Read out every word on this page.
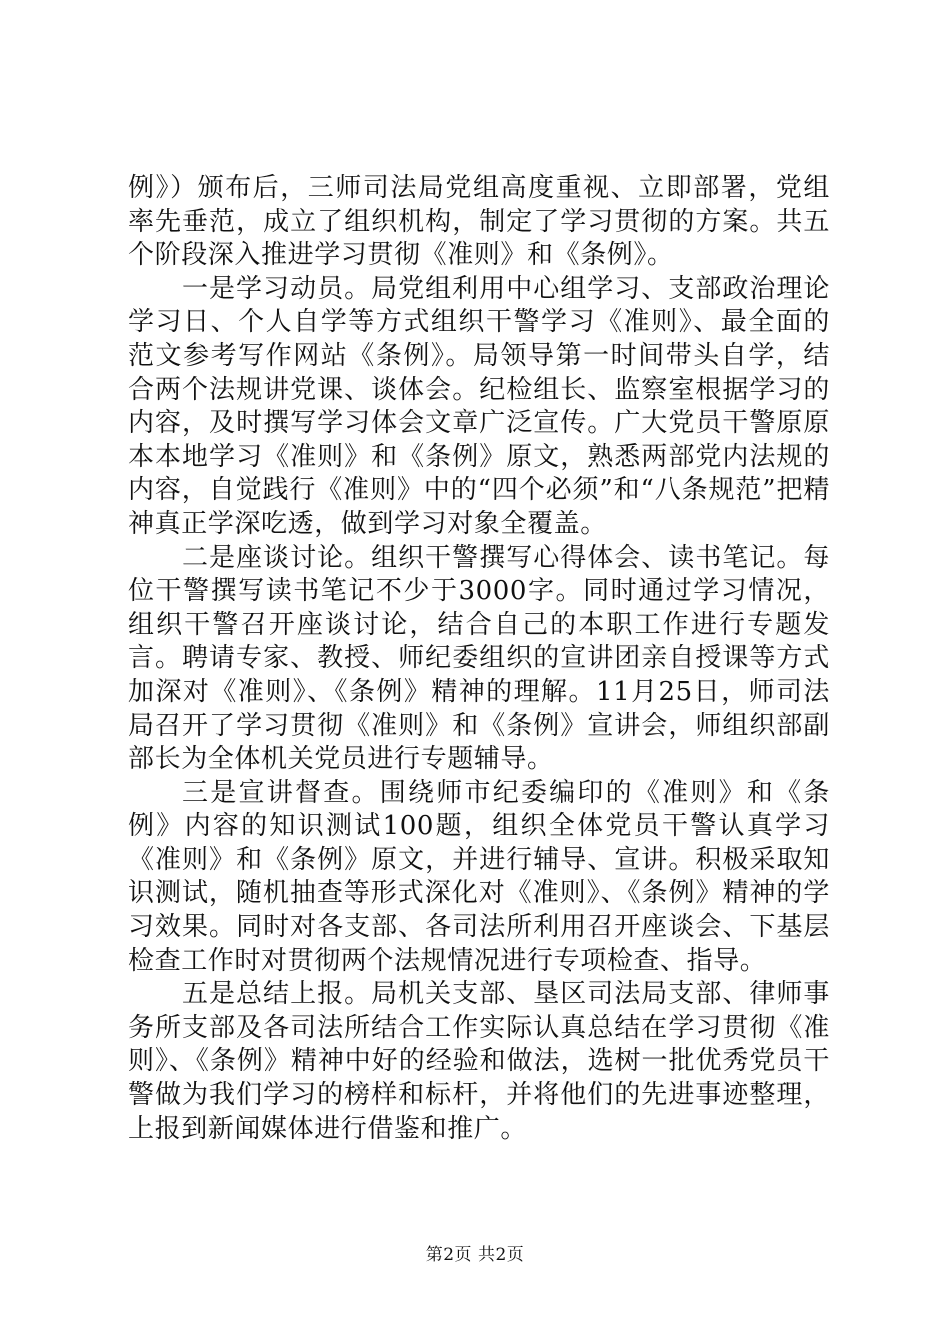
例》）颁布后，三师司法局党组高度重视、立即部署，党组率先垂范，成立了组织机构，制定了学习贯彻的方案。共五个阶段深入推进学习贯彻《准则》和《条例》。

一是学习动员。局党组利用中心组学习、支部政治理论学习日、个人自学等方式组织干警学习《准则》、最全面的范文参考写作网站《条例》。局领导第一时间带头自学，结合两个法规讲党课、谈体会。纪检组长、监察室根据学习的内容，及时撰写学习体会文章广泛宣传。广大党员干警原原本本地学习《准则》和《条例》原文，熟悉两部党内法规的内容，自觉践行《准则》中的“四个必须”和“八条规范”把精神真正学深吃透，做到学习对象全覆盖。

二是座谈讨论。组织干警撰写心得体会、读书笔记。每位干警撰写读书笔记不少于3000字。同时通过学习情况，组织干警召开座谈讨论，结合自己的本职工作进行专题发言。聘请专家、教授、师纪委组织的宣讲团亲自授课等方式加深对《准则》、《条例》精神的理解。11月25日，师司法局召开了学习贯彻《准则》和《条例》宣讲会，师组织部副部长为全体机关党员进行专题辅导。

三是宣讲督查。围绕师市纪委编印的《准则》和《条例》内容的知识测试100题，组织全体党员干警认真学习《准则》和《条例》原文，并进行辅导、宣讲。积极采取知识测试，随机抽查等形式深化对《准则》、《条例》精神的学习效果。同时对各支部、各司法所利用召开座谈会、下基层检查工作时对贯彻两个法规情况进行专项检查、指导。

五是总结上报。局机关支部、垦区司法局支部、律师事务所支部及各司法所结合工作实际认真总结在学习贯彻《准则》、《条例》精神中好的经验和做法，选树一批优秀党员干警做为我们学习的榜样和标杆，并将他们的先进事迹整理，上报到新闻媒体进行借鉴和推广。

第2页 共2页
